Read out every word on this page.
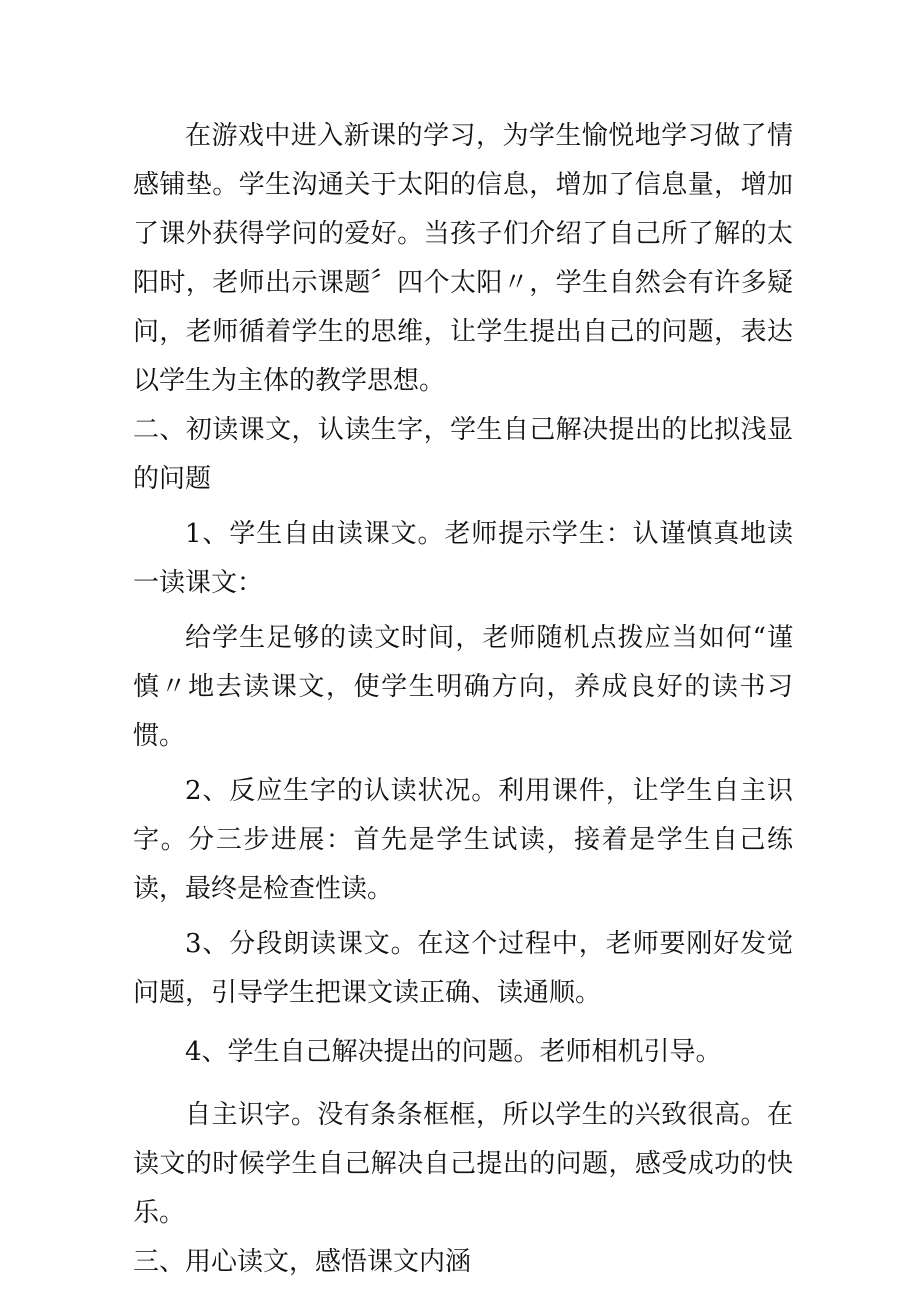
在游戏中进入新课的学习，为学生愉悦地学习做了情感铺垫。学生沟通关于太阳的信息，增加了信息量，增加了课外获得学问的爱好。当孩子们介绍了自己所了解的太阳时，老师出示课题〞四个太阳〃，学生自然会有许多疑问，老师循着学生的思维，让学生提出自己的问题，表达以学生为主体的教学思想。

二、初读课文，认读生字，学生自己解决提出的比拟浅显的问题

1、学生自由读课文。老师提示学生：认谨慎真地读一读课文：

给学生足够的读文时间，老师随机点拨应当如何“谨慎〃地去读课文，使学生明确方向，养成良好的读书习惯。

2、反应生字的认读状况。利用课件，让学生自主识字。分三步进展：首先是学生试读，接着是学生自己练读，最终是检查性读。

3、分段朗读课文。在这个过程中，老师要刚好发觉问题，引导学生把课文读正确、读通顺。

4、学生自己解决提出的问题。老师相机引导。

自主识字。没有条条框框，所以学生的兴致很高。在读文的时候学生自己解决自己提出的问题，感受成功的快乐。

三、用心读文，感悟课文内涵
